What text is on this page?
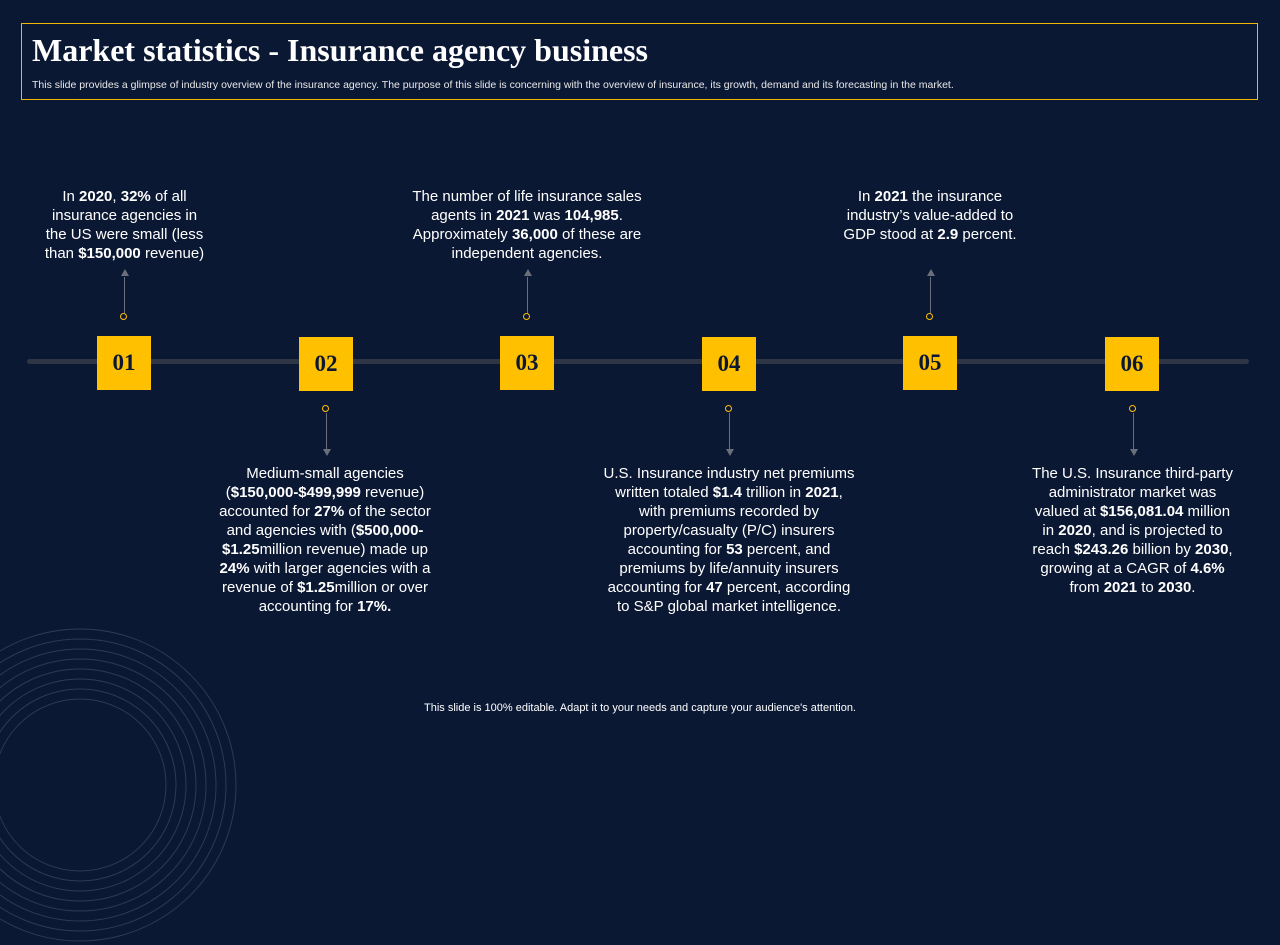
Market statistics - Insurance agency business
This slide provides a glimpse of industry overview of the insurance agency. The purpose of this slide is concerning with the overview of insurance, its growth, demand and its forecasting in the market.
01
In 2020, 32% of all
insurance agencies in
the US were small (less
than $150,000 revenue)
02
Medium-small agencies
($150,000-$499,999 revenue)
accounted for 27% of the sector
and agencies with ($500,000-
$1.25million revenue) made up
24% with larger agencies with a
revenue of $1.25million or over
accounting for 17%.
03
The number of life insurance sales
agents in 2021 was 104,985.
Approximately 36,000 of these are
independent agencies.
04
U.S. Insurance industry net premiums
written totaled $1.4 trillion in 2021,
with premiums recorded by
property/casualty (P/C) insurers
accounting for 53 percent, and
premiums by life/annuity insurers
accounting for 47 percent, according
to S&P global market intelligence.
05
In 2021 the insurance
industry’s value-added to
GDP stood at 2.9 percent.
06
The U.S. Insurance third-party
administrator market was
valued at $156,081.04 million
in 2020, and is projected to
reach $243.26 billion by 2030,
growing at a CAGR of 4.6%
from 2021 to 2030.
This slide is 100% editable. Adapt it to your needs and capture your audience's attention.
